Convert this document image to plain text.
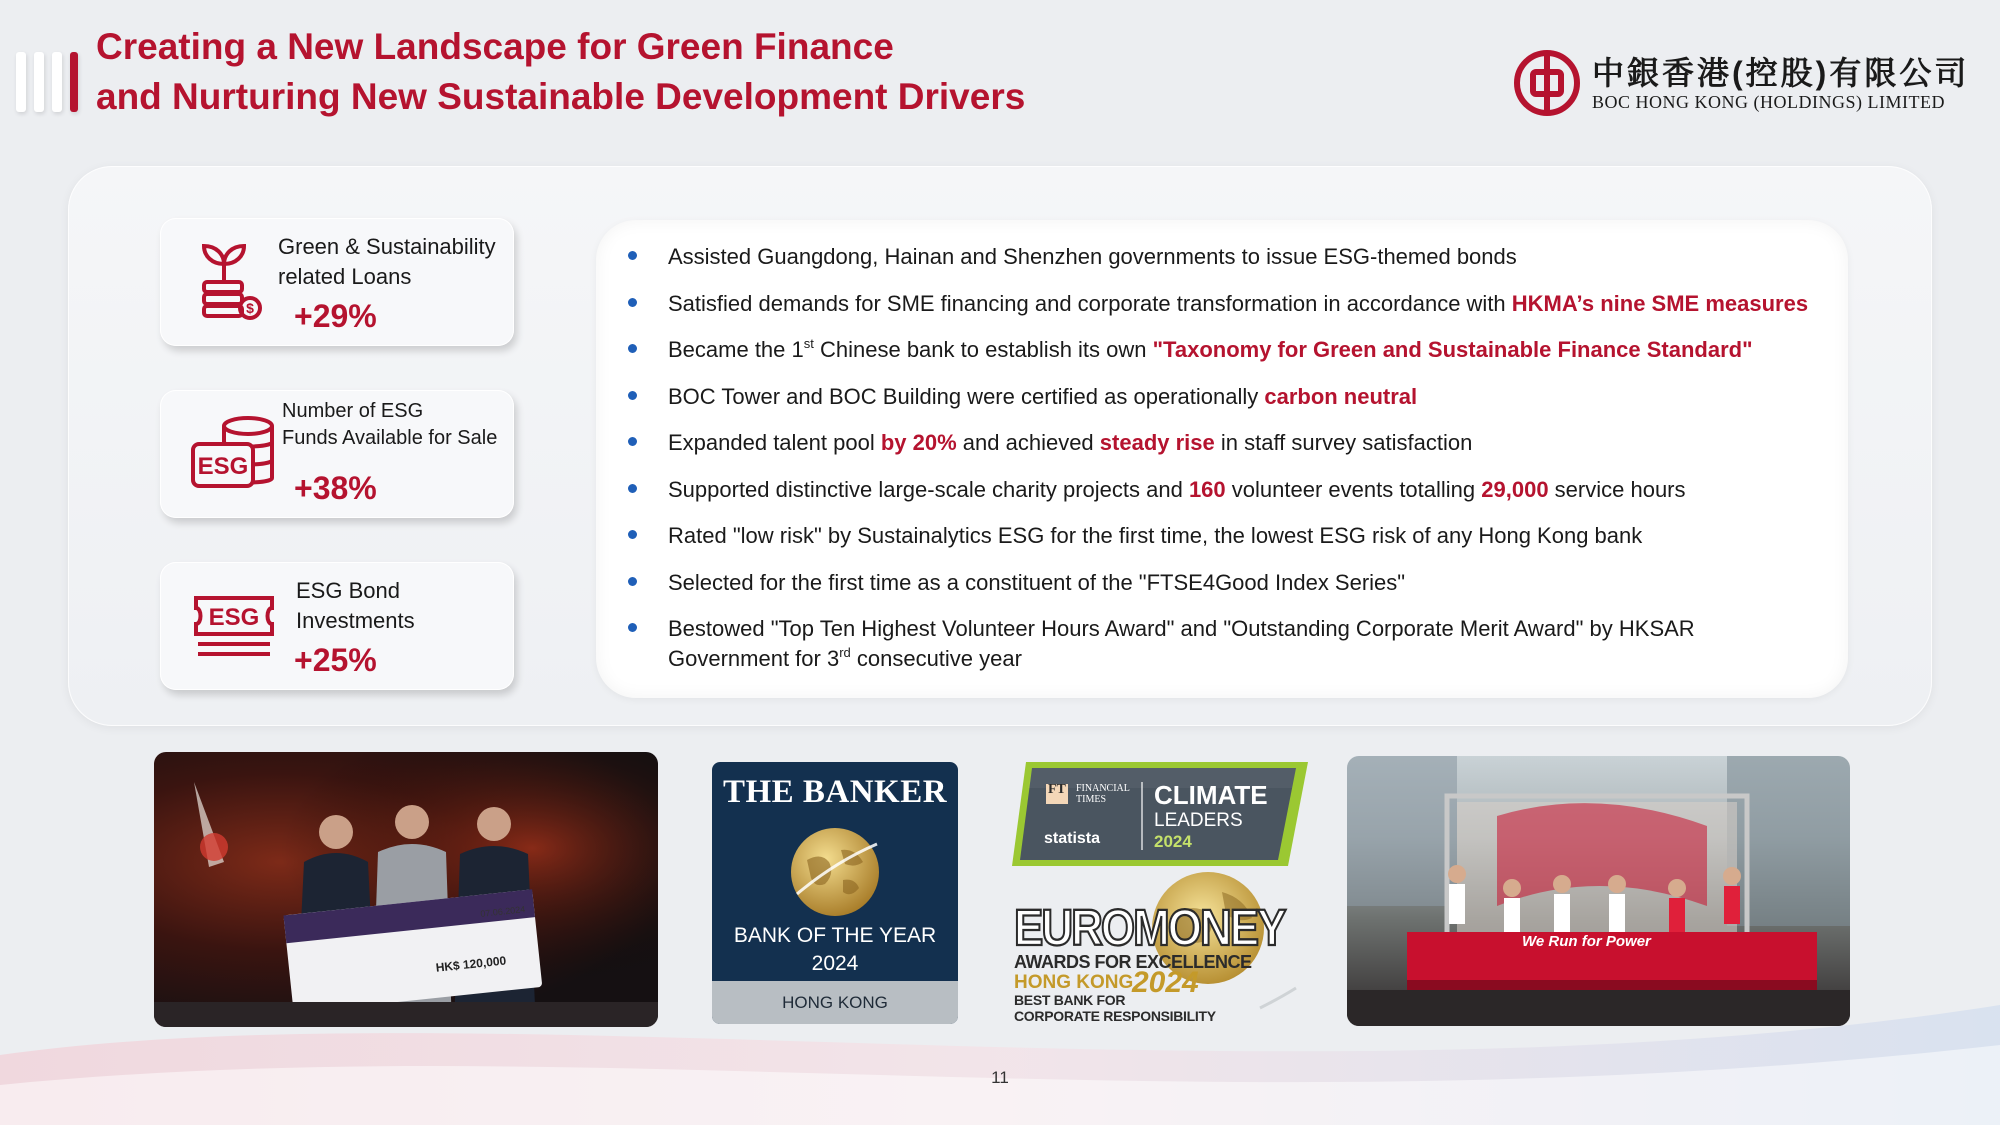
Creating a New Landscape for Green Finance
and Nurturing New Sustainable Development Drivers
中銀香港(控股)有限公司
BOC HONG KONG (HOLDINGS) LIMITED
$
Green & Sustainability
related Loans
+29%
ESG
Number of ESG
Funds Available for Sale
+38%
ESG
ESG Bond
Investments
+25%
Assisted Guangdong, Hainan and Shenzhen governments to issue ESG-themed bonds
Satisfied demands for SME financing and corporate transformation in accordance with HKMA’s nine SME measures
Became the 1st Chinese bank to establish its own "Taxonomy for Green and Sustainable Finance Standard"
BOC Tower and BOC Building were certified as operationally carbon neutral
Expanded talent pool by 20% and achieved steady rise in staff survey satisfaction
Supported distinctive large-scale charity projects and 160 volunteer events totalling 29,000 service hours
Rated "low risk" by Sustainalytics ESG for the first time, the lowest ESG risk of any Hong Kong bank
Selected for the first time as a constituent of the "FTSE4Good Index Series"
Bestowed "Top Ten Highest Volunteer Hours Award" and "Outstanding Corporate Merit Award" by HKSAR
Government for 3rd consecutive year
07.06.2024
HK$ 120,000
THE BANKER
BANK OF THE YEAR
2024
HONG KONG
FT FINANCIAL
TIMES	CLIMATE
LEADERS
statista	2024
EUROMONEY
AWARDS FOR EXCELLENCE
HONG KONG
2024
BEST BANK FOR
CORPORATE RESPONSIBILITY
We Run for Power
11
